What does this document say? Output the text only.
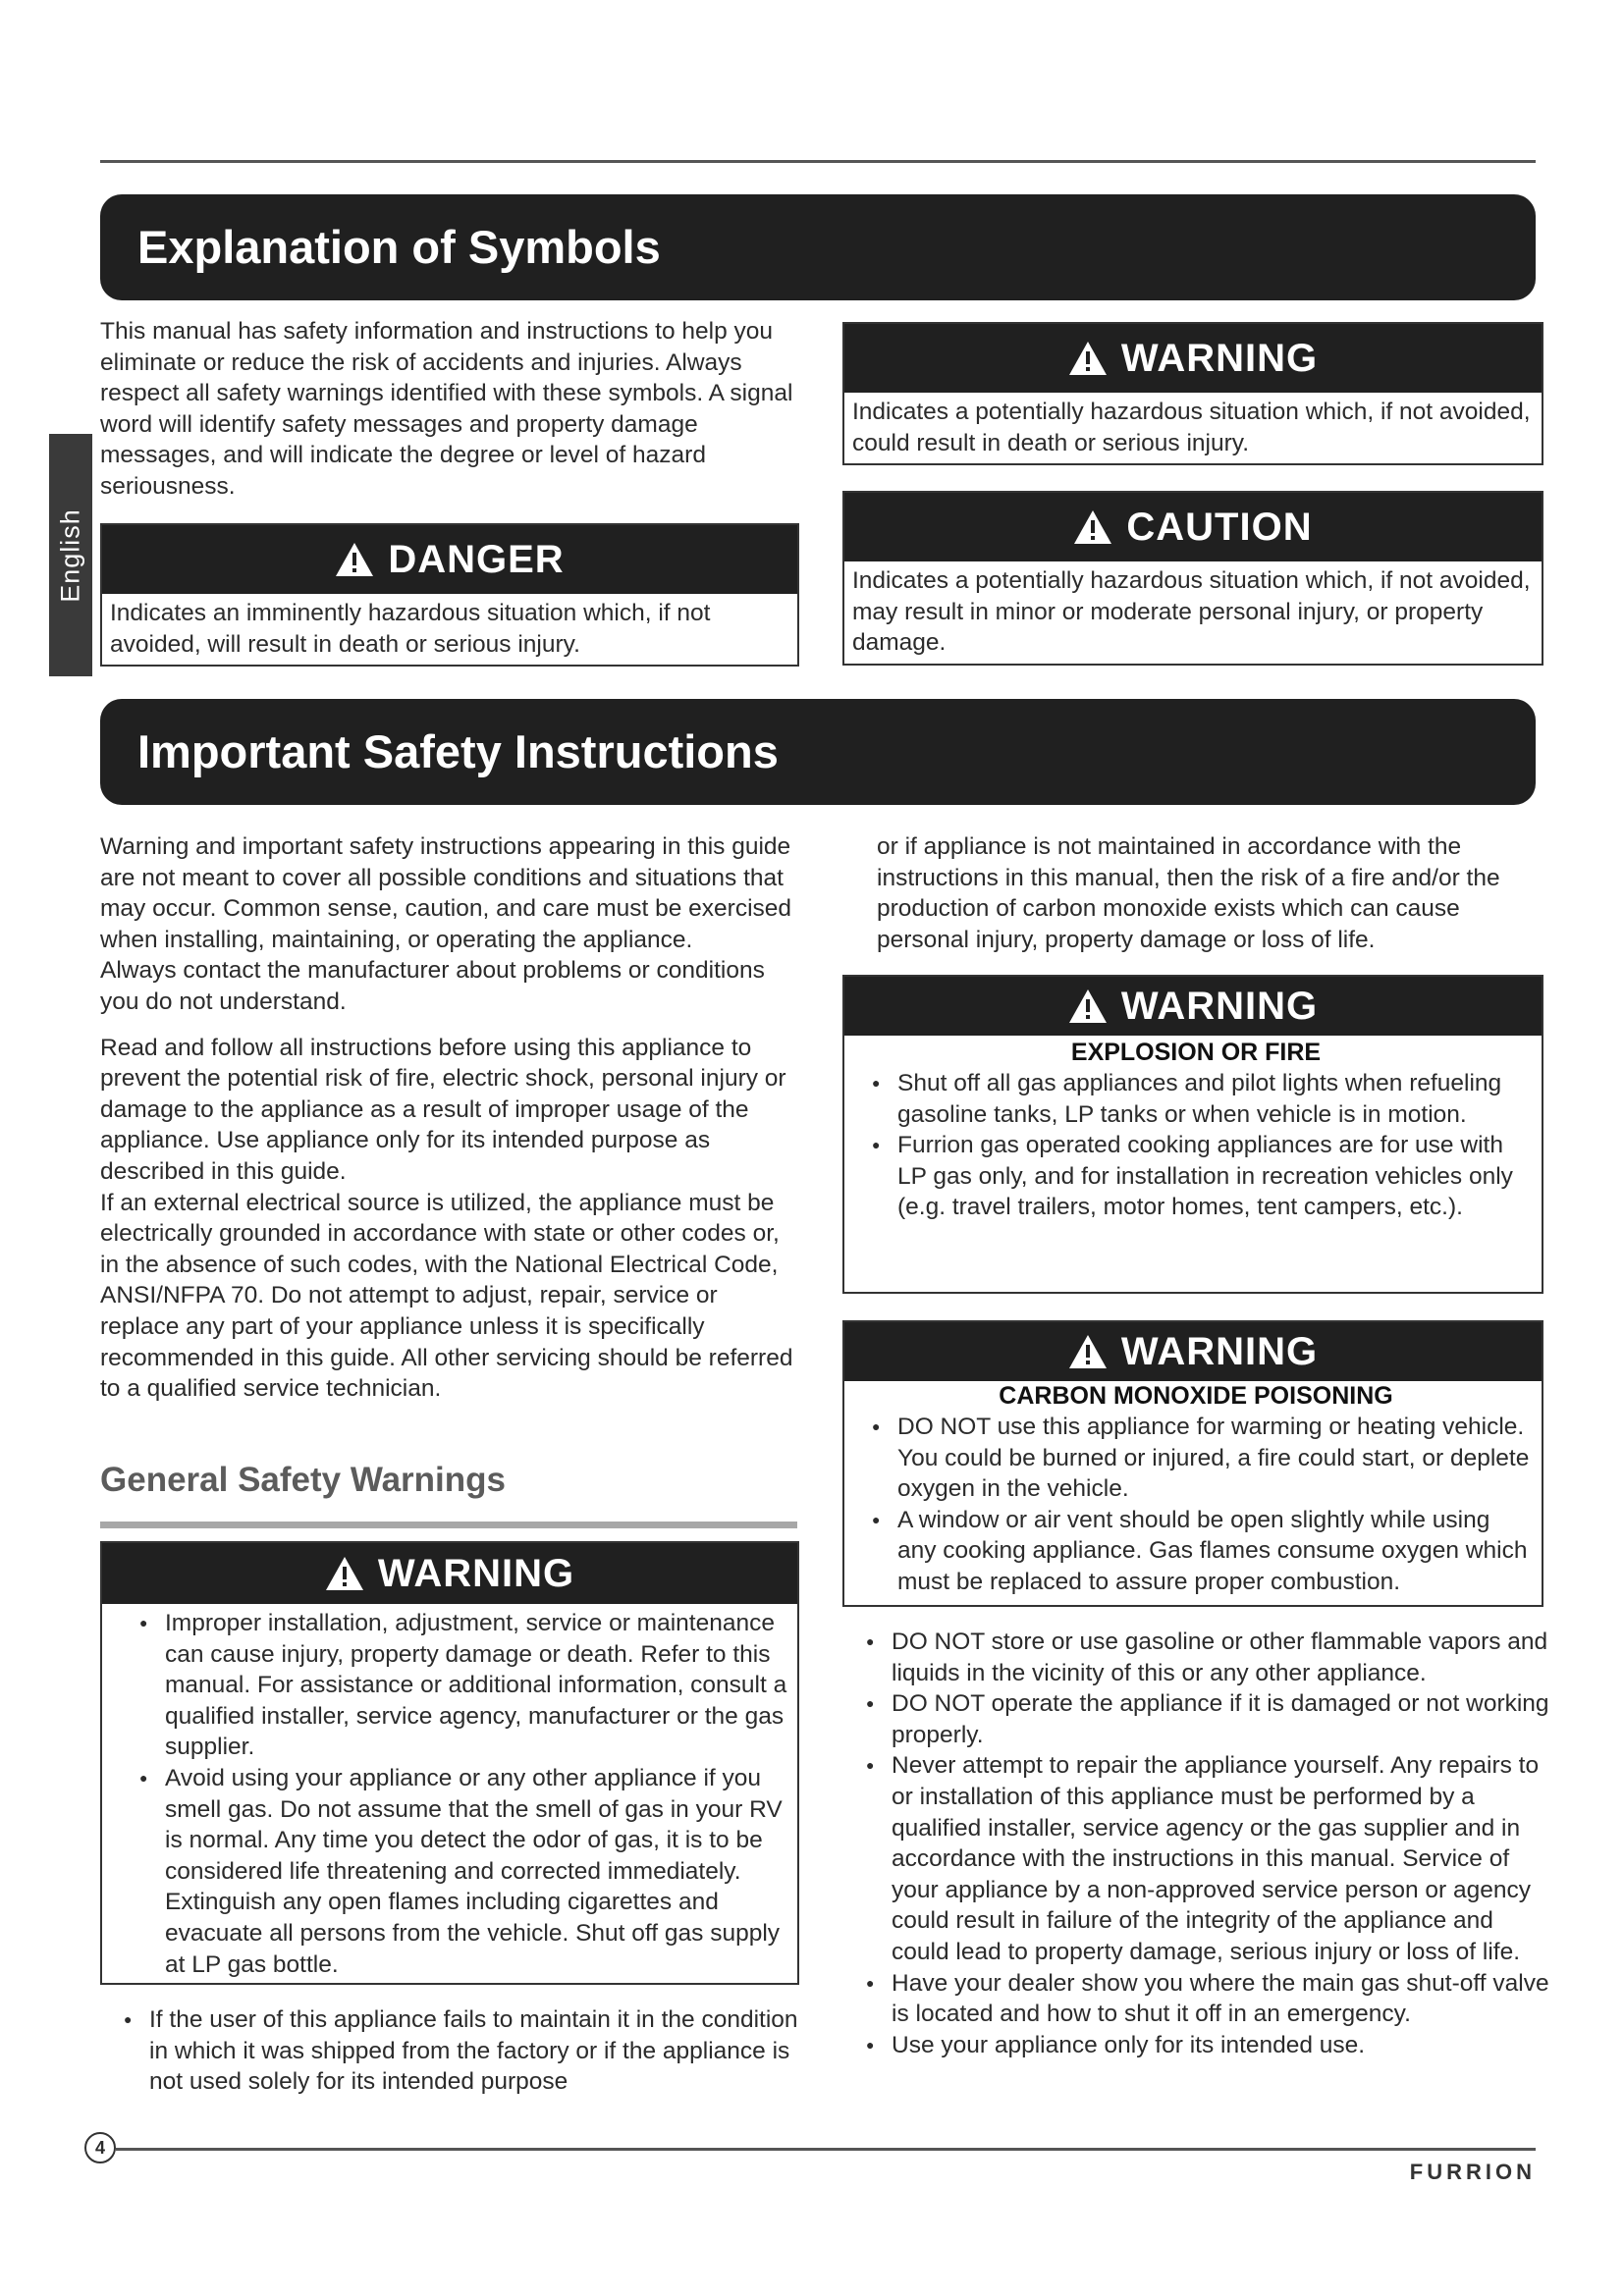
Explanation of Symbols
English

This manual has safety information and instructions to help you eliminate or reduce the risk of accidents and injuries. Always respect all safety warnings identified with these symbols. A signal word will identify safety messages and property damage messages, and will indicate the degree or level of hazard seriousness.

DANGER
Indicates an imminently hazardous situation which, if not avoided, will result in death or serious injury.
WARNING
Indicates a potentially hazardous situation which, if not avoided, could result in death or serious injury.
CAUTION
Indicates a potentially hazardous situation which, if not avoided, may result in minor or moderate personal injury, or property damage.
Important Safety Instructions

Warning and important safety instructions appearing in this guide are not meant to cover all possible conditions and situations that may occur. Common sense, caution, and care must be exercised when installing, maintaining, or operating the appliance.

Always contact the manufacturer about problems or conditions you do not understand.

Read and follow all instructions before using this appliance to prevent the potential risk of fire, electric shock, personal injury or damage to the appliance as a result of improper usage of the appliance. Use appliance only for its intended purpose as described in this guide.

If an external electrical source is utilized, the appliance must be electrically grounded in accordance with state or other codes or, in the absence of such codes, with the National Electrical Code, ANSI/NFPA 70. Do not attempt to adjust, repair, service or replace any part of your appliance unless it is specifically recommended in this guide. All other servicing should be referred to a qualified service technician.

General Safety Warnings
WARNING
● Improper installation, adjustment, service or maintenance can cause injury, property damage or death. Refer to this manual. For assistance or additional information, consult a qualified installer, service agency, manufacturer or the gas supplier.
● Avoid using your appliance or any other appliance if you smell gas. Do not assume that the smell of gas in your RV is normal. Any time you detect the odor of gas, it is to be considered life threatening and corrected immediately. Extinguish any open flames including cigarettes and evacuate all persons from the vehicle. Shut off gas supply at LP gas bottle.
● If the user of this appliance fails to maintain it in the condition in which it was shipped from the factory or if the appliance is not used solely for its intended purpose

or if appliance is not maintained in accordance with the instructions in this manual, then the risk of a fire and/or the production of carbon monoxide exists which can cause personal injury, property damage or loss of life.

WARNING
EXPLOSION OR FIRE
● Shut off all gas appliances and pilot lights when refueling gasoline tanks, LP tanks or when vehicle is in motion.
● Furrion gas operated cooking appliances are for use with LP gas only, and for installation in recreation vehicles only (e.g. travel trailers, motor homes, tent campers, etc.).
WARNING
CARBON MONOXIDE POISONING
● DO NOT use this appliance for warming or heating vehicle. You could be burned or injured, a fire could start, or deplete oxygen in the vehicle.
● A window or air vent should be open slightly while using any cooking appliance. Gas flames consume oxygen which must be replaced to assure proper combustion.
● DO NOT store or use gasoline or other flammable vapors and liquids in the vicinity of this or any other appliance.
● DO NOT operate the appliance if it is damaged or not working properly.
● Never attempt to repair the appliance yourself. Any repairs to or installation of this appliance must be performed by a qualified installer, service agency or the gas supplier and in accordance with the instructions in this manual. Service of your appliance by a non-approved service person or agency could result in failure of the integrity of the appliance and could lead to property damage, serious injury or loss of life.
● Have your dealer show you where the main gas shut-off valve is located and how to shut it off in an emergency.
● Use your appliance only for its intended use.
4
FURRION
